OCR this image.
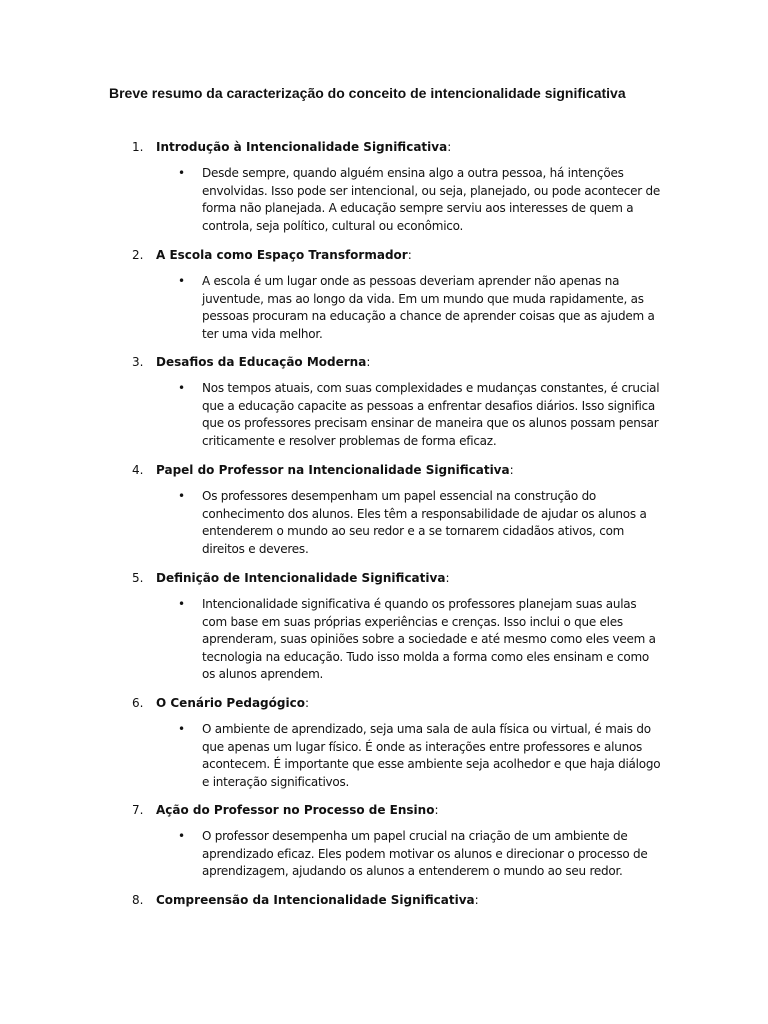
Breve resumo da caracterização do conceito de intencionalidade significativa
1. Introdução à Intencionalidade Significativa:
• Desde sempre, quando alguém ensina algo a outra pessoa, há intenções envolvidas. Isso pode ser intencional, ou seja, planejado, ou pode acontecer de forma não planejada. A educação sempre serviu aos interesses de quem a controla, seja político, cultural ou econômico.
2. A Escola como Espaço Transformador:
• A escola é um lugar onde as pessoas deveriam aprender não apenas na juventude, mas ao longo da vida. Em um mundo que muda rapidamente, as pessoas procuram na educação a chance de aprender coisas que as ajudem a ter uma vida melhor.
3. Desafios da Educação Moderna:
• Nos tempos atuais, com suas complexidades e mudanças constantes, é crucial que a educação capacite as pessoas a enfrentar desafios diários. Isso significa que os professores precisam ensinar de maneira que os alunos possam pensar criticamente e resolver problemas de forma eficaz.
4. Papel do Professor na Intencionalidade Significativa:
• Os professores desempenham um papel essencial na construção do conhecimento dos alunos. Eles têm a responsabilidade de ajudar os alunos a entenderem o mundo ao seu redor e a se tornarem cidadãos ativos, com direitos e deveres.
5. Definição de Intencionalidade Significativa:
• Intencionalidade significativa é quando os professores planejam suas aulas com base em suas próprias experiências e crenças. Isso inclui o que eles aprenderam, suas opiniões sobre a sociedade e até mesmo como eles veem a tecnologia na educação. Tudo isso molda a forma como eles ensinam e como os alunos aprendem.
6. O Cenário Pedagógico:
• O ambiente de aprendizado, seja uma sala de aula física ou virtual, é mais do que apenas um lugar físico. É onde as interações entre professores e alunos acontecem. É importante que esse ambiente seja acolhedor e que haja diálogo e interação significativos.
7. Ação do Professor no Processo de Ensino:
• O professor desempenha um papel crucial na criação de um ambiente de aprendizado eficaz. Eles podem motivar os alunos e direcionar o processo de aprendizagem, ajudando os alunos a entenderem o mundo ao seu redor.
8. Compreensão da Intencionalidade Significativa:
